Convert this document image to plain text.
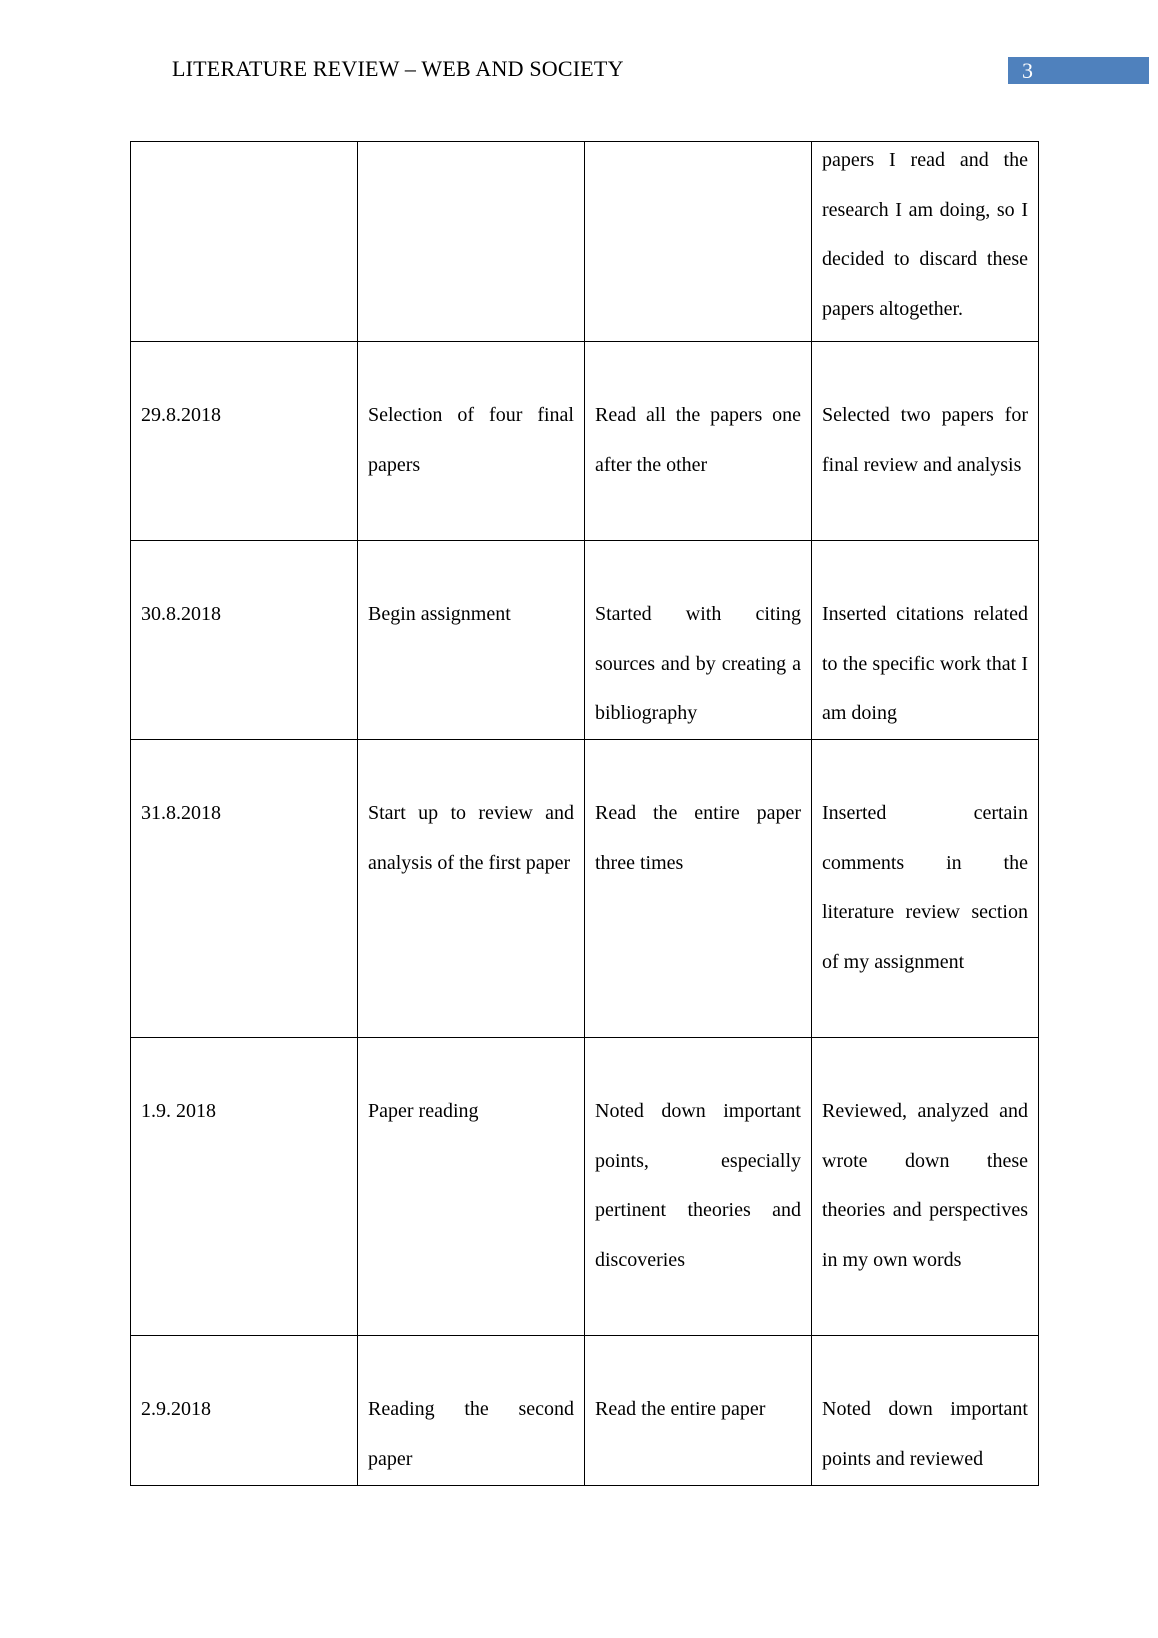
LITERATURE REVIEW – WEB AND SOCIETY	3
			papers I read and the research I am doing, so I decided to discard these papers altogether.
29.8.2018	Selection of four final papers	Read all the papers one after the other	Selected two papers for final review and analysis
30.8.2018	Begin assignment	Started with citing sources and by creating a bibliography	Inserted citations related to the specific work that I am doing
31.8.2018	Start up to review and analysis of the first paper	Read the entire paper three times	Inserted certain comments in the literature review section of my assignment
1.9. 2018	Paper reading	Noted down important points, especially pertinent theories and discoveries	Reviewed, analyzed and wrote down these theories and perspectives in my own words
2.9.2018	Reading the second paper	Read the entire paper	Noted down important points and reviewed
